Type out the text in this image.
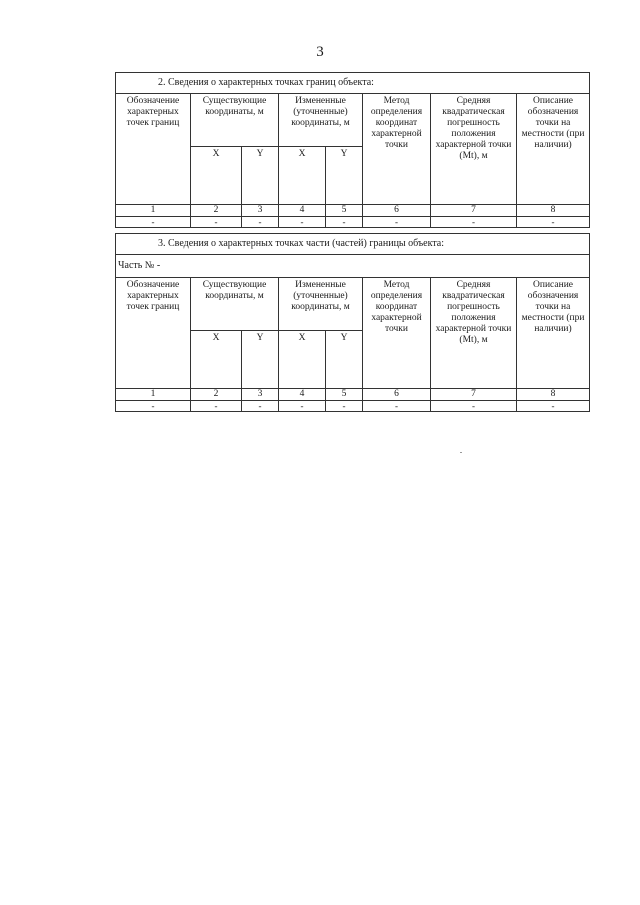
3
2. Сведения о характерных точках границ объекта:							
Обозначение характерных точек границ	Существующие координаты, м		Измененные (уточненные) координаты, м		Метод определения координат характерной точки	Средняя квадратическая погрешность положения характерной точки (Mt), м	Описание обозначения точки на местности (при наличии)
	X	Y	X	Y			
1	2	3	4	5	6	7	8
-	-	-	-	-	-	-	-
3. Сведения о характерных точках части (частей) границы объекта:							
Часть № -							
Обозначение характерных точек границ	Существующие координаты, м		Измененные (уточненные) координаты, м		Метод определения координат характерной точки	Средняя квадратическая погрешность положения характерной точки (Mt), м	Описание обозначения точки на местности (при наличии)
	X	Y	X	Y			
1	2	3	4	5	6	7	8
-	-	-	-	-	-	-	-
